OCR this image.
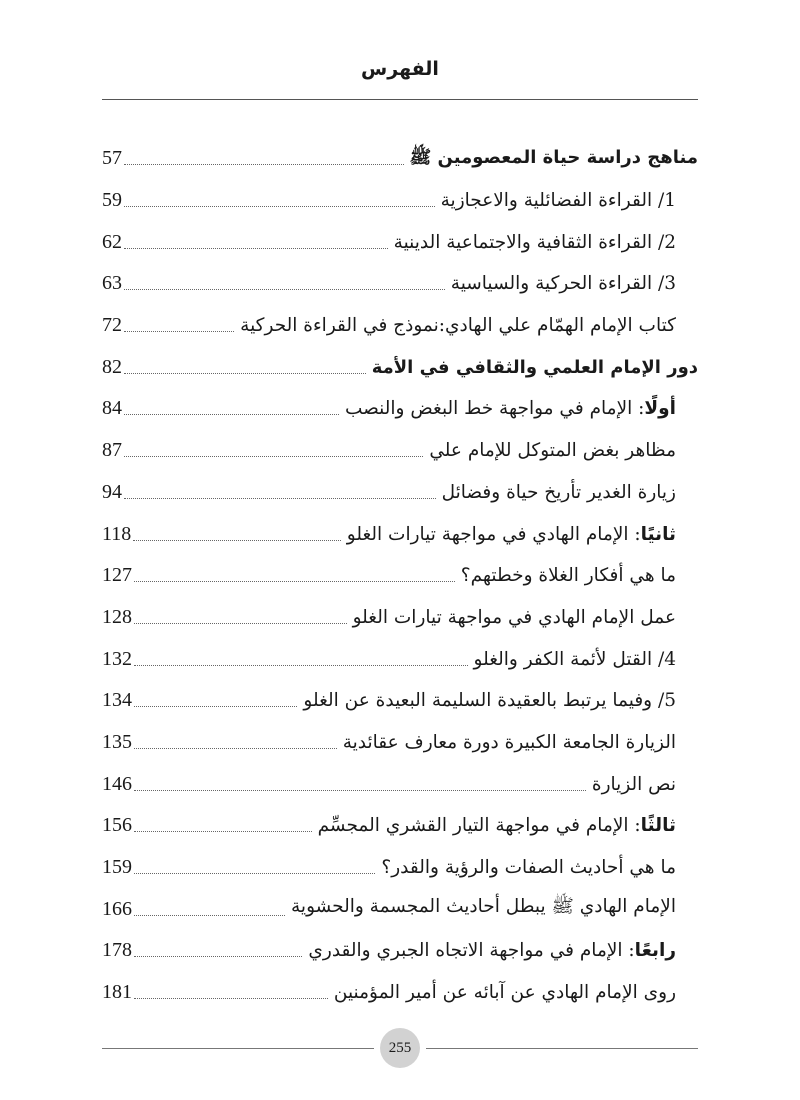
الفهرس
مناهج دراسة حياة المعصومين ﷺ
57
1/ القراءة الفضائلية والاعجازية
59
2/ القراءة الثقافية والاجتماعية الدينية
62
3/ القراءة الحركية والسياسية
63
كتاب الإمام الهمّام علي الهادي:نموذج في القراءة الحركية
72
دور الإمام العلمي والثقافي في الأمة
82
أولًا: الإمام في مواجهة خط البغض والنصب
84
مظاهر بغض المتوكل للإمام علي
87
زيارة الغدير تأريخ حياة وفضائل
94
ثانيًا: الإمام الهادي في مواجهة تيارات الغلو
118
ما هي أفكار الغلاة وخطتهم؟
127
عمل الإمام الهادي في مواجهة تيارات الغلو
128
4/ القتل لأئمة الكفر والغلو
132
5/ وفيما يرتبط بالعقيدة السليمة البعيدة عن الغلو
134
الزيارة الجامعة الكبيرة دورة معارف عقائدية
135
نص الزيارة
146
ثالثًا: الإمام في مواجهة التيار القشري المجسِّم
156
ما هي أحاديث الصفات والرؤية والقدر؟
159
الإمام الهادي ﷺ يبطل أحاديث المجسمة والحشوية
166
رابعًا: الإمام في مواجهة الاتجاه الجبري والقدري
178
روى الإمام الهادي عن آبائه عن أمير المؤمنين
181
255
